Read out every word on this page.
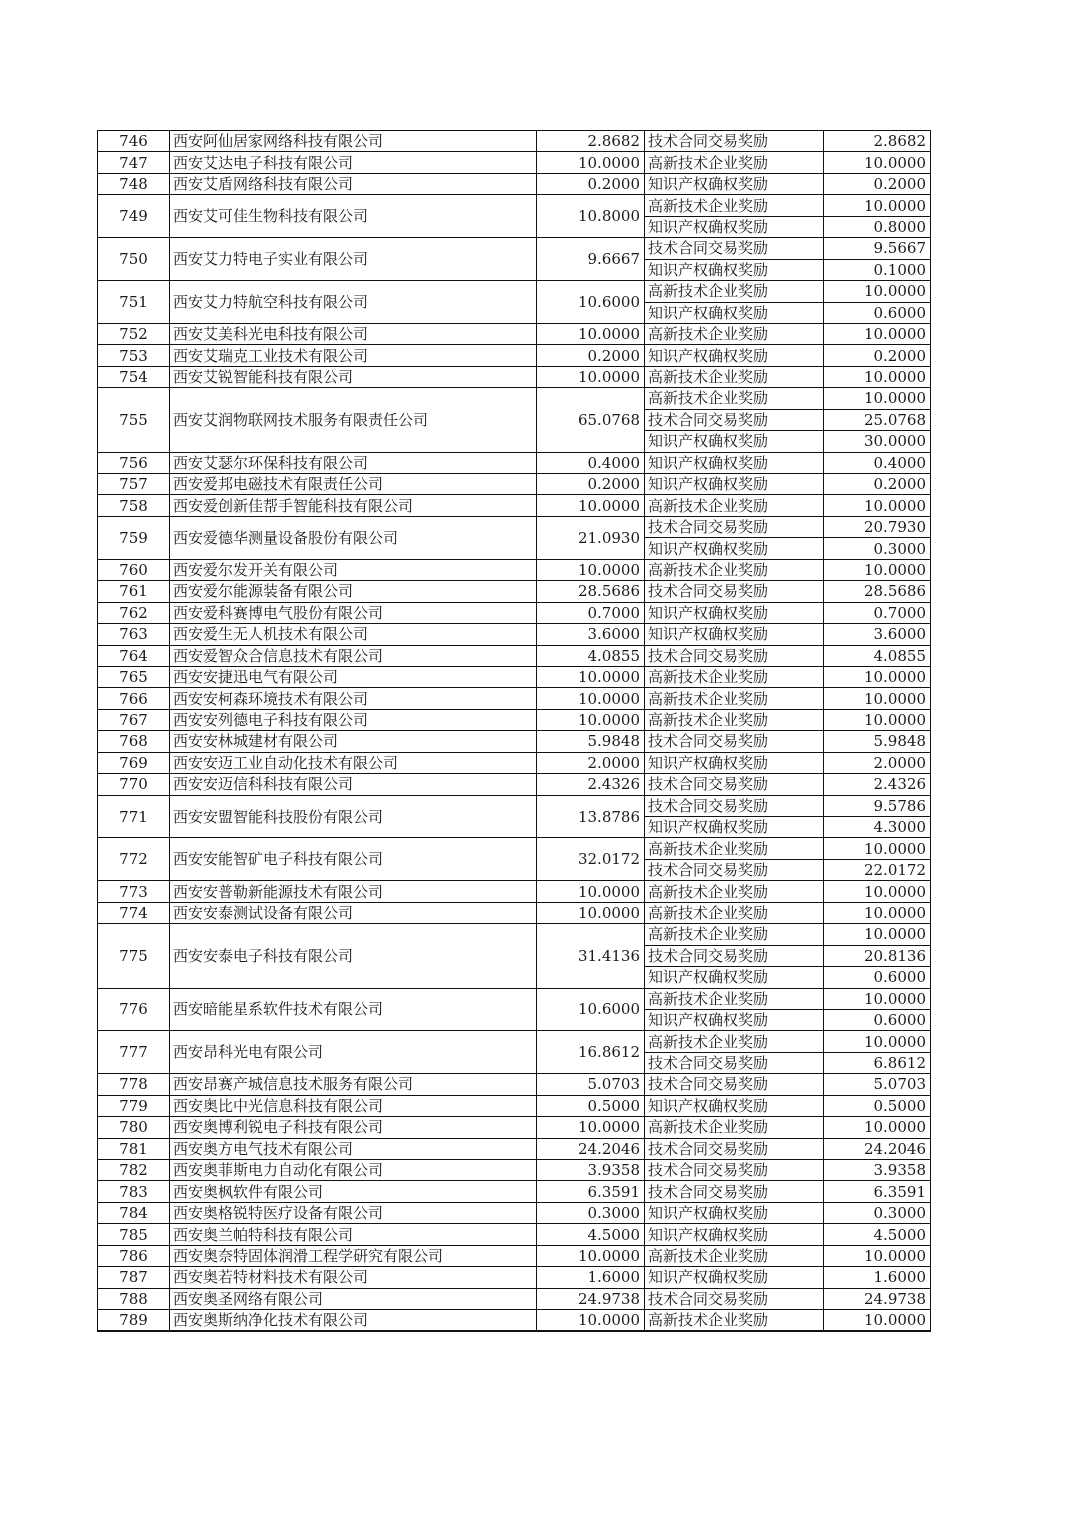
746	西安阿仙居家网络科技有限公司	2.8682	技术合同交易奖励	2.8682
747	西安艾达电子科技有限公司	10.0000	高新技术企业奖励	10.0000
748	西安艾盾网络科技有限公司	0.2000	知识产权确权奖励	0.2000
749	西安艾可佳生物科技有限公司	10.8000	高新技术企业奖励	10.0000
			知识产权确权奖励	0.8000
750	西安艾力特电子实业有限公司	9.6667	技术合同交易奖励	9.5667
			知识产权确权奖励	0.1000
751	西安艾力特航空科技有限公司	10.6000	高新技术企业奖励	10.0000
			知识产权确权奖励	0.6000
752	西安艾美科光电科技有限公司	10.0000	高新技术企业奖励	10.0000
753	西安艾瑞克工业技术有限公司	0.2000	知识产权确权奖励	0.2000
754	西安艾锐智能科技有限公司	10.0000	高新技术企业奖励	10.0000
755	西安艾润物联网技术服务有限责任公司	65.0768	高新技术企业奖励	10.0000
			技术合同交易奖励	25.0768
			知识产权确权奖励	30.0000
756	西安艾瑟尔环保科技有限公司	0.4000	知识产权确权奖励	0.4000
757	西安爱邦电磁技术有限责任公司	0.2000	知识产权确权奖励	0.2000
758	西安爱创新佳帮手智能科技有限公司	10.0000	高新技术企业奖励	10.0000
759	西安爱德华测量设备股份有限公司	21.0930	技术合同交易奖励	20.7930
			知识产权确权奖励	0.3000
760	西安爱尔发开关有限公司	10.0000	高新技术企业奖励	10.0000
761	西安爱尔能源装备有限公司	28.5686	技术合同交易奖励	28.5686
762	西安爱科赛博电气股份有限公司	0.7000	知识产权确权奖励	0.7000
763	西安爱生无人机技术有限公司	3.6000	知识产权确权奖励	3.6000
764	西安爱智众合信息技术有限公司	4.0855	技术合同交易奖励	4.0855
765	西安安捷迅电气有限公司	10.0000	高新技术企业奖励	10.0000
766	西安安柯森环境技术有限公司	10.0000	高新技术企业奖励	10.0000
767	西安安列德电子科技有限公司	10.0000	高新技术企业奖励	10.0000
768	西安安林城建材有限公司	5.9848	技术合同交易奖励	5.9848
769	西安安迈工业自动化技术有限公司	2.0000	知识产权确权奖励	2.0000
770	西安安迈信科科技有限公司	2.4326	技术合同交易奖励	2.4326
771	西安安盟智能科技股份有限公司	13.8786	技术合同交易奖励	9.5786
			知识产权确权奖励	4.3000
772	西安安能智矿电子科技有限公司	32.0172	高新技术企业奖励	10.0000
			技术合同交易奖励	22.0172
773	西安安普勒新能源技术有限公司	10.0000	高新技术企业奖励	10.0000
774	西安安泰测试设备有限公司	10.0000	高新技术企业奖励	10.0000
775	西安安泰电子科技有限公司	31.4136	高新技术企业奖励	10.0000
			技术合同交易奖励	20.8136
			知识产权确权奖励	0.6000
776	西安暗能星系软件技术有限公司	10.6000	高新技术企业奖励	10.0000
			知识产权确权奖励	0.6000
777	西安昂科光电有限公司	16.8612	高新技术企业奖励	10.0000
			技术合同交易奖励	6.8612
778	西安昂赛产城信息技术服务有限公司	5.0703	技术合同交易奖励	5.0703
779	西安奥比中光信息科技有限公司	0.5000	知识产权确权奖励	0.5000
780	西安奥博利锐电子科技有限公司	10.0000	高新技术企业奖励	10.0000
781	西安奥方电气技术有限公司	24.2046	技术合同交易奖励	24.2046
782	西安奥菲斯电力自动化有限公司	3.9358	技术合同交易奖励	3.9358
783	西安奥枫软件有限公司	6.3591	技术合同交易奖励	6.3591
784	西安奥格锐特医疗设备有限公司	0.3000	知识产权确权奖励	0.3000
785	西安奥兰帕特科技有限公司	4.5000	知识产权确权奖励	4.5000
786	西安奥奈特固体润滑工程学研究有限公司	10.0000	高新技术企业奖励	10.0000
787	西安奥若特材料技术有限公司	1.6000	知识产权确权奖励	1.6000
788	西安奥圣网络有限公司	24.9738	技术合同交易奖励	24.9738
789	西安奥斯纳净化技术有限公司	10.0000	高新技术企业奖励	10.0000
